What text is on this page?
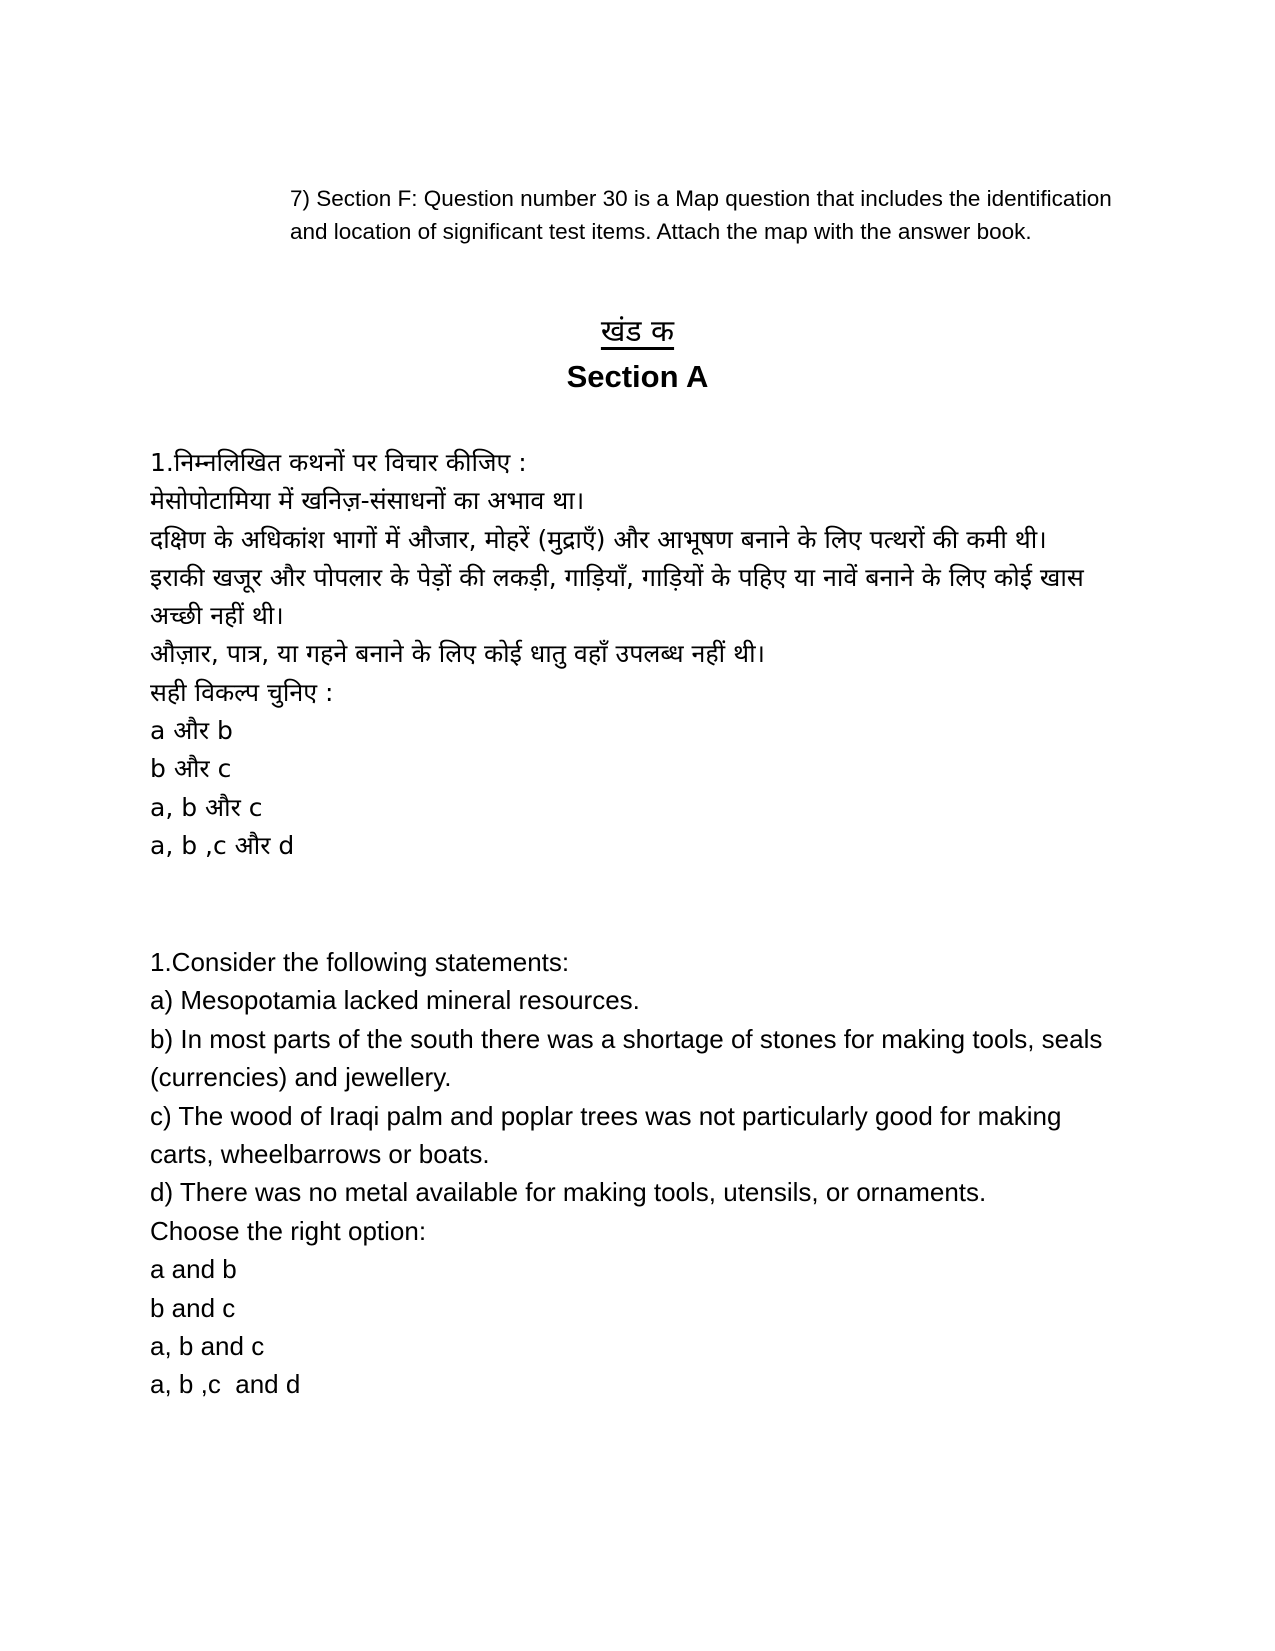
7) Section F: Question number 30 is a Map question that includes the identification and location of significant test items. Attach the map with the answer book.
खंड क
Section A
1.निम्नलिखित कथनों पर विचार कीजिए :
मेसोपोटामिया में खनिज़-संसाधनों का अभाव था।
दक्षिण के अधिकांश भागों में औजार, मोहरें (मुद्राएँ) और आभूषण बनाने के लिए पत्थरों की कमी थी।
इराकी खजूर और पोपलार के पेड़ों की लकड़ी, गाड़ियाँ, गाड़ियों के पहिए या नावें बनाने के लिए कोई खास अच्छी नहीं थी।
औज़ार, पात्र, या गहने बनाने के लिए कोई धातु वहाँ उपलब्ध नहीं थी।
सही विकल्प चुनिए :
a और b
b और c
a, b और c
a, b ,c और d
1.Consider the following statements:
a) Mesopotamia lacked mineral resources.
b) In most parts of the south there was a shortage of stones for making tools, seals (currencies) and jewellery.
c) The wood of Iraqi palm and poplar trees was not particularly good for making carts, wheelbarrows or boats.
d) There was no metal available for making tools, utensils, or ornaments.
Choose the right option:
a and b
b and c
a, b and c
a, b ,c  and d
